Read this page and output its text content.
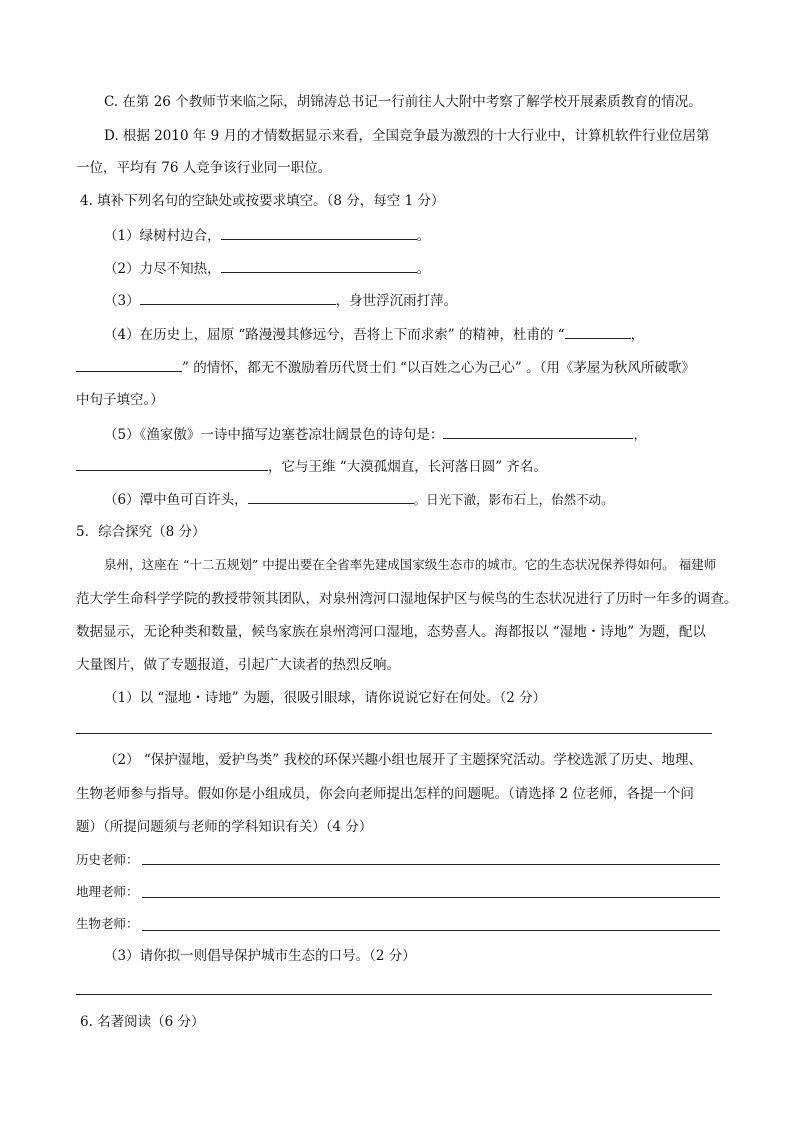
C. 在第 26 个教师节来临之际，胡锦涛总书记一行前往人大附中考察了解学校开展素质教育的情况。
D. 根据 2010 年 9 月的才情数据显示来看，全国竞争最为激烈的十大行业中，计算机软件行业位居第
一位，平均有 76 人竞争该行业同一职位。
4. 填补下列名句的空缺处或按要求填空。（8 分，每空 1 分）
（1）绿树村边合，	。
（2）力尽不知热，	。
（3）	，身世浮沉雨打萍。
（4）在历史上，屈原 “路漫漫其修远兮，吾将上下而求索” 的精神，杜甫的 “	，
” 的情怀，都无不激励着历代贤士们 “以百姓之心为己心” 。（用《茅屋为秋风所破歌》
中句子填空。）
（5）《渔家傲》一诗中描写边塞苍凉壮阔景色的诗句是：	，
，它与王维 “大漠孤烟直，长河落日圆” 齐名。
（6）潭中鱼可百许头，	。日光下澈，影布石上，佁然不动。
5．综合探究（8 分）
泉州，这座在 “十二五规划” 中提出要在全省率先建成国家级生态市的城市。它的生态状况保养得如何。 福建师
范大学生命科学学院的教授带领其团队，对泉州湾河口湿地保护区与候鸟的生态状况进行了历时一年多的调查。
数据显示，无论种类和数量，候鸟家族在泉州湾河口湿地，态势喜人。海都报以 “湿地・诗地” 为题，配以
大量图片，做了专题报道，引起广大读者的热烈反响。
（1）以 “湿地・诗地” 为题，很吸引眼球，请你说说它好在何处。（2 分）
（2） “保护湿地，爱护鸟类” 我校的环保兴趣小组也展开了主题探究活动。学校选派了历史、地理、
生物老师参与指导。假如你是小组成员，你会向老师提出怎样的问题呢。（请选择 2 位老师，各提一个问
题）（所提问题须与老师的学科知识有关）（4 分）
历史老师：
地理老师：
生物老师：
（3）请你拟一则倡导保护城市生态的口号。（2 分）
6. 名著阅读（6 分）
